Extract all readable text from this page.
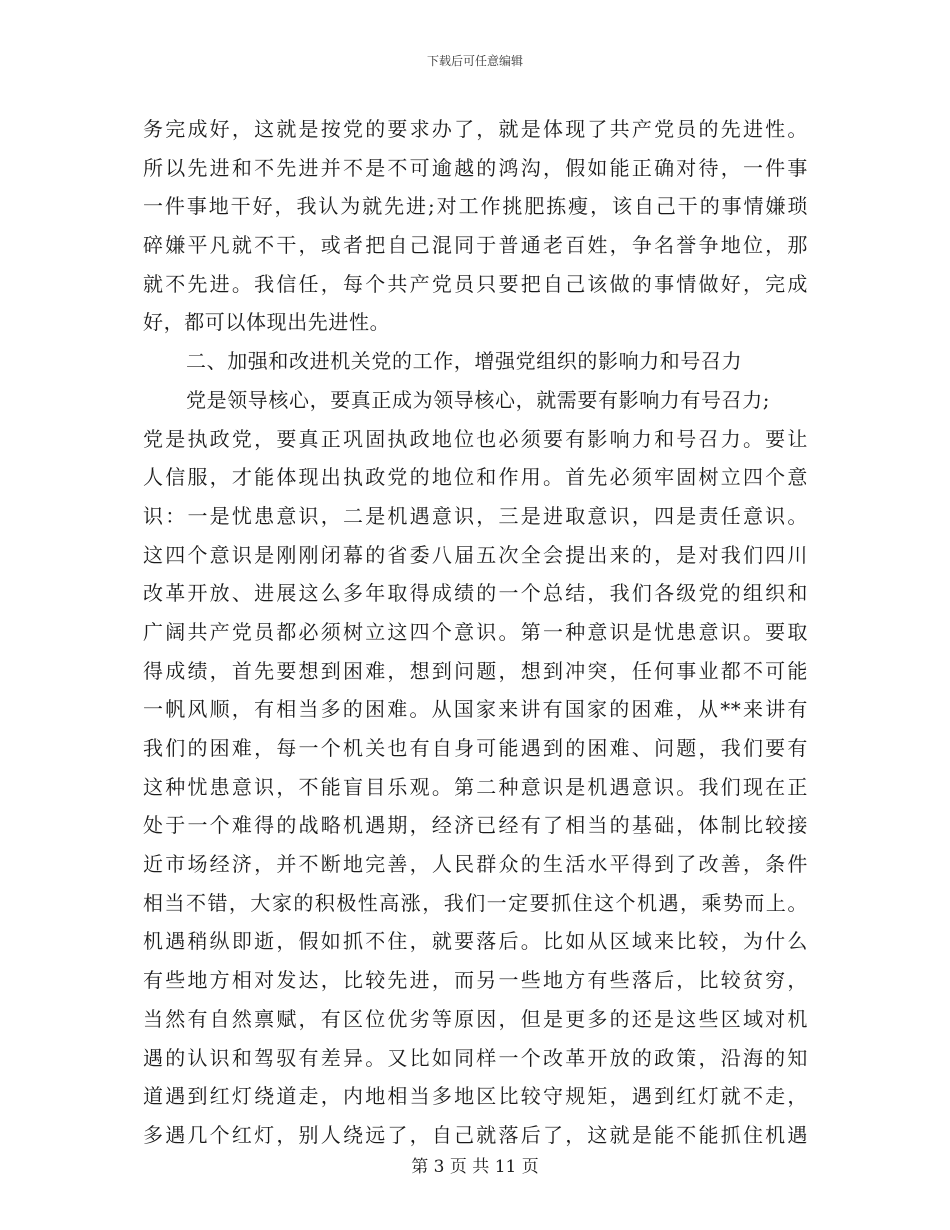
下载后可任意编辑
务完成好，这就是按党的要求办了，就是体现了共产党员的先进性。
所以先进和不先进并不是不可逾越的鸿沟，假如能正确对待，一件事
一件事地干好，我认为就先进;对工作挑肥拣瘦，该自己干的事情嫌琐
碎嫌平凡就不干，或者把自己混同于普通老百姓，争名誉争地位，那
就不先进。我信任，每个共产党员只要把自己该做的事情做好，完成
好，都可以体现出先进性。
二、加强和改进机关党的工作，增强党组织的影响力和号召力
党是领导核心，要真正成为领导核心，就需要有影响力有号召力;
党是执政党，要真正巩固执政地位也必须要有影响力和号召力。要让
人信服，才能体现出执政党的地位和作用。首先必须牢固树立四个意
识：一是忧患意识，二是机遇意识，三是进取意识，四是责任意识。
这四个意识是刚刚闭幕的省委八届五次全会提出来的，是对我们四川
改革开放、进展这么多年取得成绩的一个总结，我们各级党的组织和
广阔共产党员都必须树立这四个意识。第一种意识是忧患意识。要取
得成绩，首先要想到困难，想到问题，想到冲突，任何事业都不可能
一帆风顺，有相当多的困难。从国家来讲有国家的困难，从**来讲有
我们的困难，每一个机关也有自身可能遇到的困难、问题，我们要有
这种忧患意识，不能盲目乐观。第二种意识是机遇意识。我们现在正
处于一个难得的战略机遇期，经济已经有了相当的基础，体制比较接
近市场经济，并不断地完善，人民群众的生活水平得到了改善，条件
相当不错，大家的积极性高涨，我们一定要抓住这个机遇，乘势而上。
机遇稍纵即逝，假如抓不住，就要落后。比如从区域来比较，为什么
有些地方相对发达，比较先进，而另一些地方有些落后，比较贫穷，
当然有自然禀赋，有区位优劣等原因，但是更多的还是这些区域对机
遇的认识和驾驭有差异。又比如同样一个改革开放的政策，沿海的知
道遇到红灯绕道走，内地相当多地区比较守规矩，遇到红灯就不走，
多遇几个红灯，别人绕远了，自己就落后了，这就是能不能抓住机遇
第 3 页 共 11 页
